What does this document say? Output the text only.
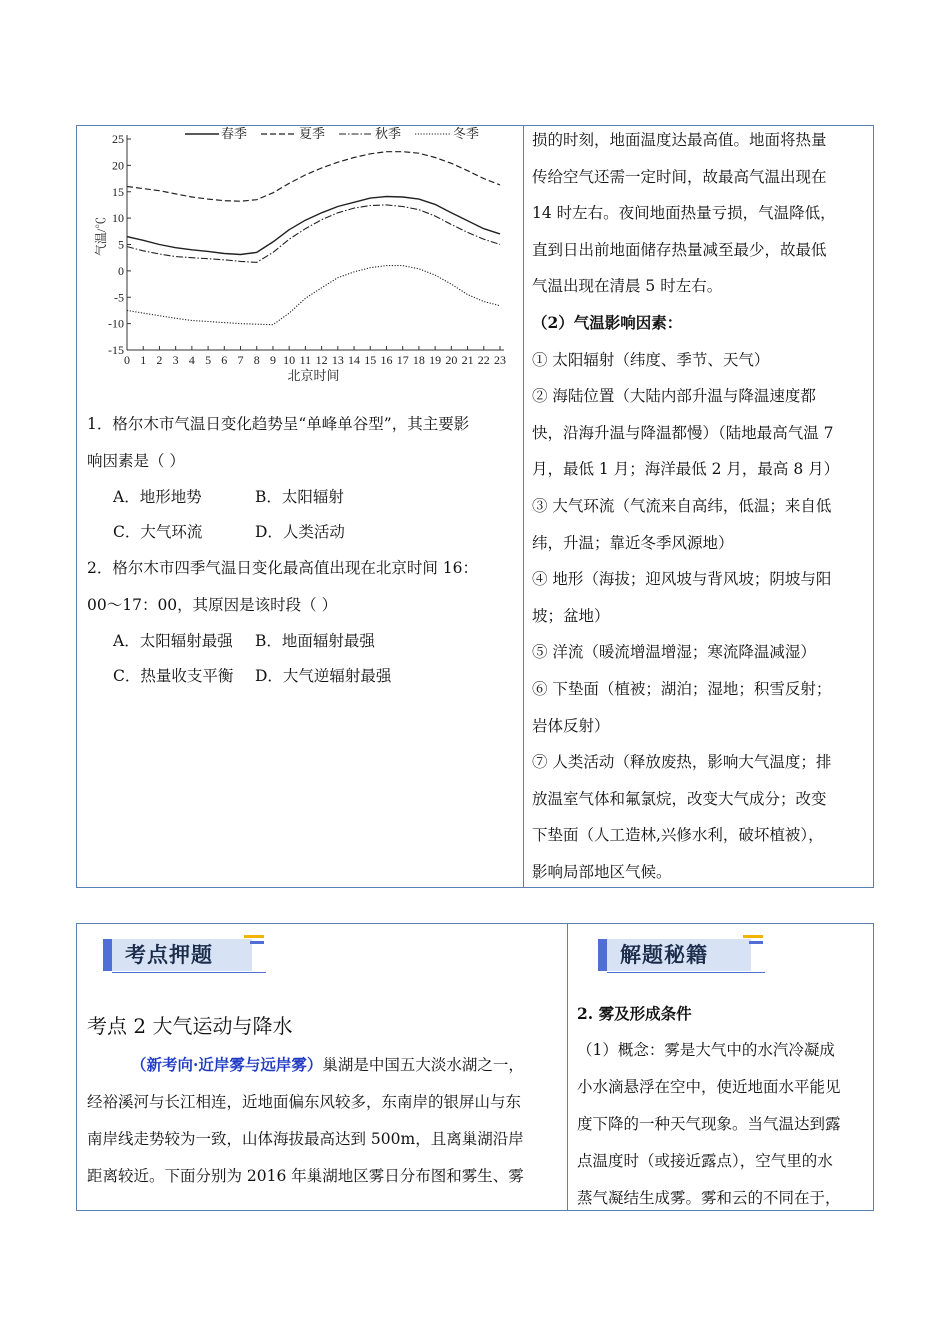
25
20
15
10
5
0
-5
-10
-15
0 1 2 3 4 5 6 7 8 9 10 11 12 13 14 15 16 17 18 19 20 21 22 23
气温/℃
北京时间
春季	夏季	秋季	冬季

1．格尔木市气温日变化趋势呈“单峰单谷型”，其主要影

响因素是（ ）

A．地形地势	B．太阳辐射
C．大气环流	D．人类活动

2．格尔木市四季气温日变化最高值出现在北京时间 16：

00～17：00，其原因是该时段（ ）

A．太阳辐射最强	B．地面辐射最强
C．热量收支平衡	D．大气逆辐射最强

损的时刻，地面温度达最高值。地面将热量

传给空气还需一定时间，故最高气温出现在

14 时左右。夜间地面热量亏损，气温降低，

直到日出前地面储存热量减至最少，故最低

气温出现在清晨 5 时左右。

（2）气温影响因素：

① 太阳辐射（纬度、季节、天气）

② 海陆位置（大陆内部升温与降温速度都

快，沿海升温与降温都慢）（陆地最高气温 7

月，最低 1 月；海洋最低 2 月，最高 8 月）

③ 大气环流（气流来自高纬，低温；来自低

纬，升温；靠近冬季风源地）

④ 地形（海拔；迎风坡与背风坡；阴坡与阳

坡；盆地）

⑤ 洋流（暖流增温增湿；寒流降温减湿）

⑥ 下垫面（植被；湖泊；湿地；积雪反射；

岩体反射）

⑦ 人类活动（释放废热，影响大气温度；排

放温室气体和氟氯烷，改变大气成分；改变

下垫面（人工造林,兴修水利，破坏植被），

影响局部地区气候。

考点押题	解题秘籍
考点 2 大气运动与降水

（新考向·近岸雾与远岸雾）巢湖是中国五大淡水湖之一，

经裕溪河与长江相连，近地面偏东风较多，东南岸的银屏山与东

南岸线走势较为一致，山体海拔最高达到 500m，且离巢湖沿岸

距离较近。下面分别为 2016 年巢湖地区雾日分布图和雾生、雾

2. 雾及形成条件

（1）概念：雾是大气中的水汽冷凝成

小水滴悬浮在空中，使近地面水平能见

度下降的一种天气现象。当气温达到露

点温度时（或接近露点），空气里的水

蒸气凝结生成雾。雾和云的不同在于，
